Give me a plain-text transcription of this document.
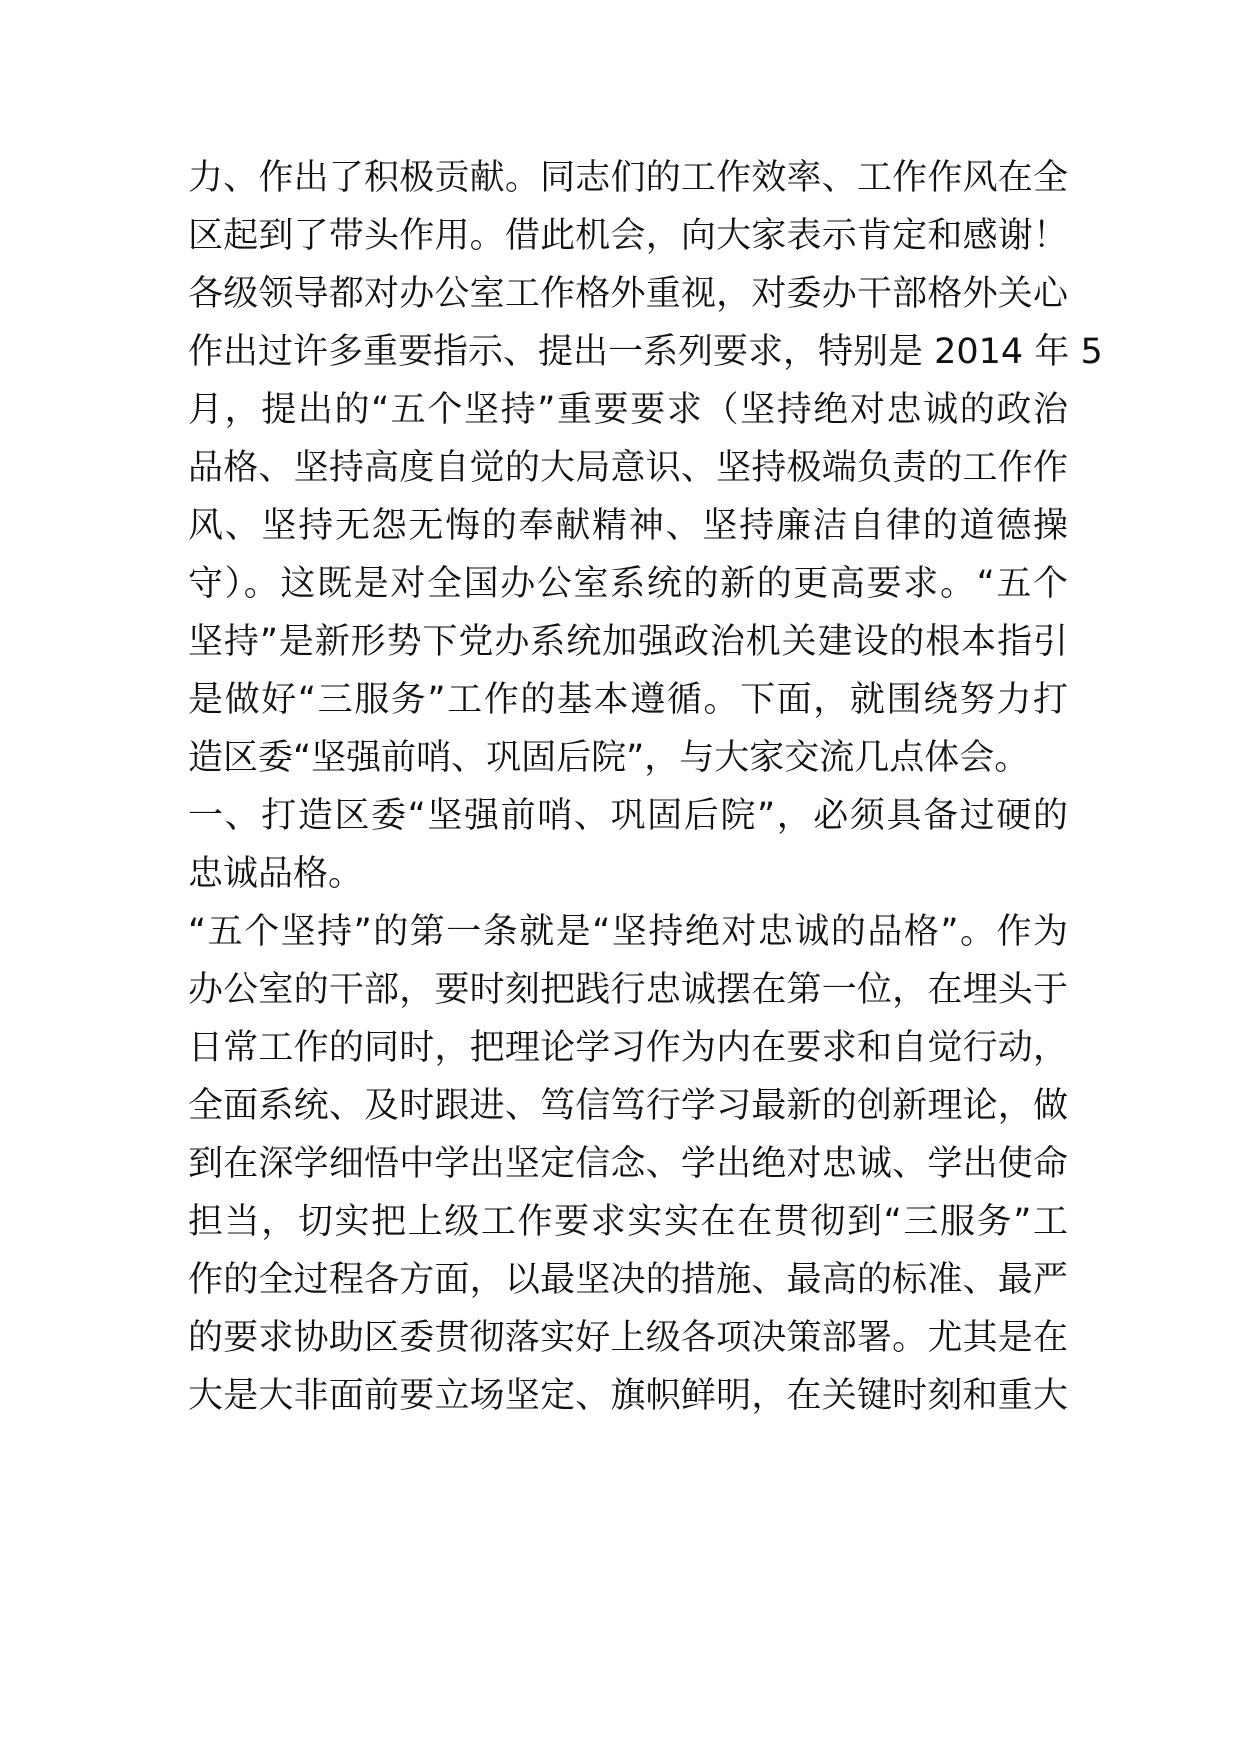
力、作出了积极贡献。同志们的工作效率、工作作风在全
区起到了带头作用。借此机会，向大家表示肯定和感谢！
各级领导都对办公室工作格外重视，对委办干部格外关心
作出过许多重要指示、提出一系列要求，特别是 2014 年 5
月，提出的“五个坚持”重要要求（坚持绝对忠诚的政治
品格、坚持高度自觉的大局意识、坚持极端负责的工作作
风、坚持无怨无悔的奉献精神、坚持廉洁自律的道德操
守）。这既是对全国办公室系统的新的更高要求。“五个
坚持”是新形势下党办系统加强政治机关建设的根本指引
是做好“三服务”工作的基本遵循。下面，就围绕努力打
造区委“坚强前哨、巩固后院”，与大家交流几点体会。
一、打造区委“坚强前哨、巩固后院”，必须具备过硬的
忠诚品格。
“五个坚持”的第一条就是“坚持绝对忠诚的品格”。作为
办公室的干部，要时刻把践行忠诚摆在第一位，在埋头于
日常工作的同时，把理论学习作为内在要求和自觉行动，
全面系统、及时跟进、笃信笃行学习最新的创新理论，做
到在深学细悟中学出坚定信念、学出绝对忠诚、学出使命
担当，切实把上级工作要求实实在在贯彻到“三服务”工
作的全过程各方面，以最坚决的措施、最高的标准、最严
的要求协助区委贯彻落实好上级各项决策部署。尤其是在
大是大非面前要立场坚定、旗帜鲜明，在关键时刻和重大
